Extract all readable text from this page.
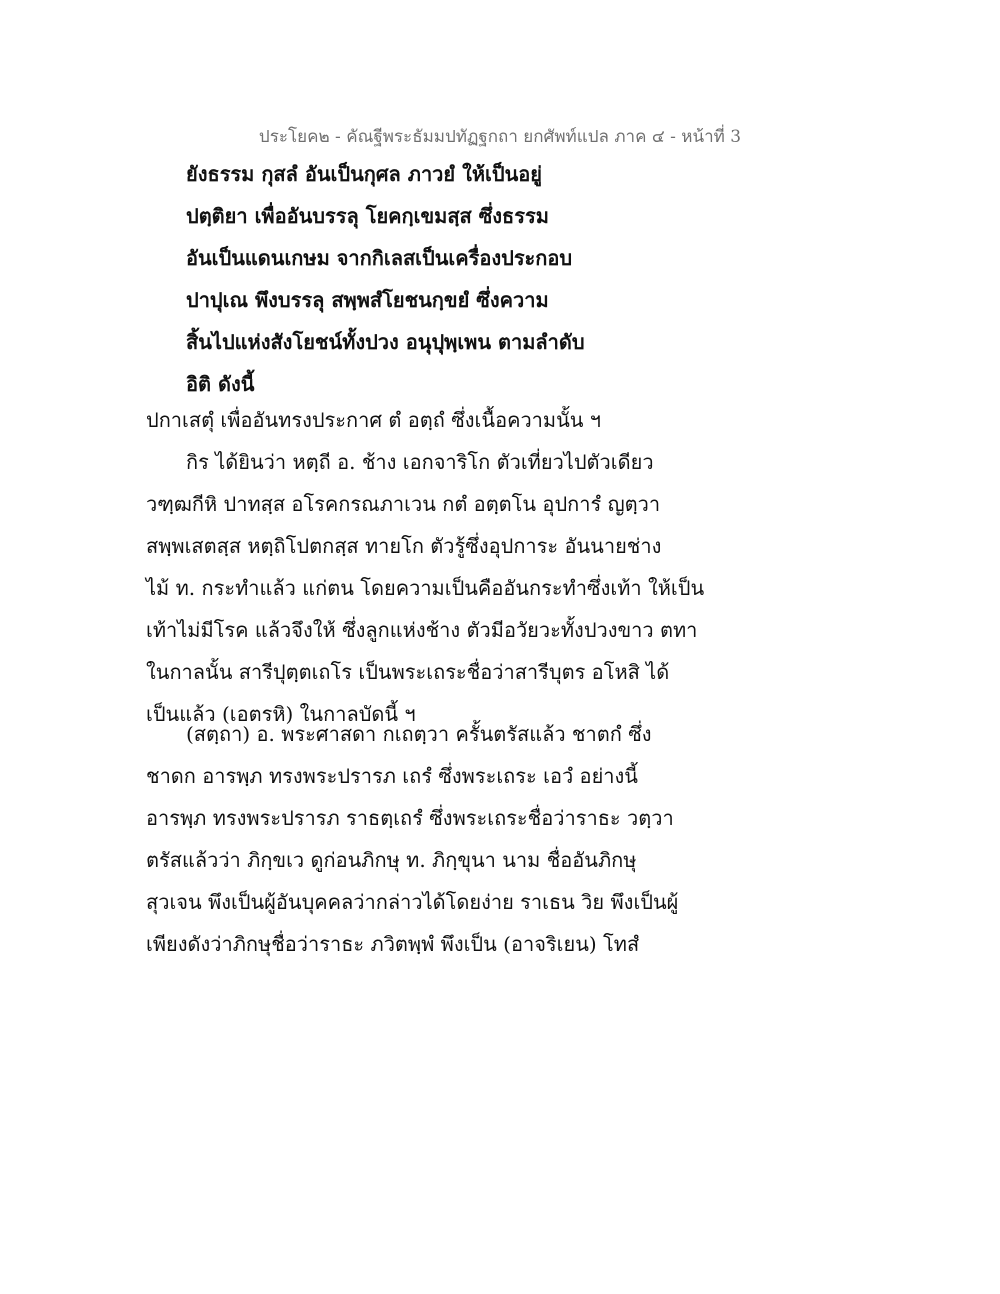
ประโยค๒ - คัณฐีพระธัมมปทัฏฐกถา ยกศัพท์แปล ภาค ๔ - หน้าที่ 3
ยังธรรม กุสลํ อันเป็นกุศล ภาวยํ ให้เป็นอยู่
ปตฺติยา เพื่ออันบรรลุ โยคกฺเขมสฺส ซึ่งธรรม
อันเป็นแดนเกษม จากกิเลสเป็นเครื่องประกอบ
ปาปุเณ พึงบรรลุ สพฺพสํโยชนกฺขยํ ซึ่งความ
สิ้นไปแห่งสังโยชน์ทั้งปวง อนุปุพฺเพน ตามลำดับ
อิติ ดังนี้
ปกาเสตุํ เพื่ออันทรงประกาศ ตํ อตฺถํ ซึ่งเนื้อความนั้น ฯ
กิร ได้ยินว่า หตฺถี อ. ช้าง เอกจาริโก ตัวเที่ยวไปตัวเดียว
วฑฺฒกีหิ ปาทสฺส อโรคกรณภาเวน กตํ อตฺตโน อุปการํ ญตฺวา
สพฺพเสตสฺส หตฺถิโปตกสฺส ทายโก ตัวรู้ซึ่งอุปการะ อันนายช่าง
ไม้ ท. กระทำแล้ว แก่ตน โดยความเป็นคืออันกระทำซึ่งเท้า ให้เป็น
เท้าไม่มีโรค แล้วจึงให้ ซึ่งลูกแห่งช้าง ตัวมีอวัยวะทั้งปวงขาว ตทา
ในกาลนั้น สารีปุตฺตเถโร เป็นพระเถระชื่อว่าสารีบุตร อโหสิ ได้
เป็นแล้ว (เอตรหิ) ในกาลบัดนี้ ฯ
(สตฺถา) อ. พระศาสดา กเถตฺวา ครั้นตรัสแล้ว ชาตกํ ซึ่ง
ชาดก อารพฺภ ทรงพระปรารภ เถรํ ซึ่งพระเถระ เอวํ อย่างนี้
อารพฺภ ทรงพระปรารภ ราธตฺเถรํ ซึ่งพระเถระชื่อว่าราธะ วตฺวา
ตรัสแล้วว่า ภิกฺขเว ดูก่อนภิกษุ ท. ภิกฺขุนา นาม ชื่ออันภิกษุ
สุวเจน พึงเป็นผู้อันบุคคลว่ากล่าวได้โดยง่าย ราเธน วิย พึงเป็นผู้
เพียงดังว่าภิกษุชื่อว่าราธะ ภวิตพฺพํ พึงเป็น (อาจริเยน) โทสํ
